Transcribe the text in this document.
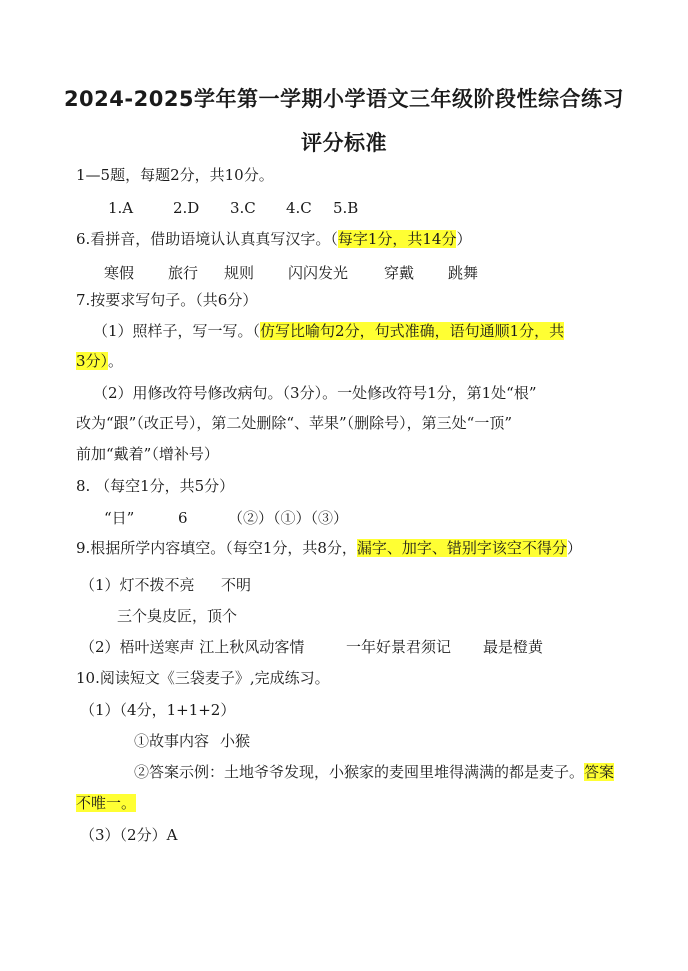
2024-2025学年第一学期小学语文三年级阶段性综合练习
评分标准
1—5题，每题2分，共10分。
1.A	2.D 3.C 4.C 5.B
6.看拼音，借助语境认认真真写汉字。（每字1分，共14分）
寒假 旅行 规则 闪闪发光 穿戴 跳舞
7.按要求写句子。（共6分）
（1）照样子，写一写。（仿写比喻句2分，句式准确，语句通顺1分，共
3分）。
（2）用修改符号修改病句。（3分）。一处修改符号1分，第1处“根”
改为“跟”（改正号），第二处删除“、苹果”（删除号），第三处“一顶”
前加“戴着”（增补号）
8. （每空1分，共5分）
“日”	6	（②）（①）（③）
9.根据所学内容填空。（每空1分，共8分，漏字、加字、错别字该空不得分）
（1）灯不拨不亮 不明
三个臭皮匠，顶个
（2）梧叶送寒声 江上秋风动客情	一年好景君须记 最是橙黄
10.阅读短文《三袋麦子》,完成练习。
（1）（4分，1+1+2）
①故事内容 小猴
②答案示例：土地爷爷发现，小猴家的麦囤里堆得满满的都是麦子。答案
不唯一。
（3）（2分）A
